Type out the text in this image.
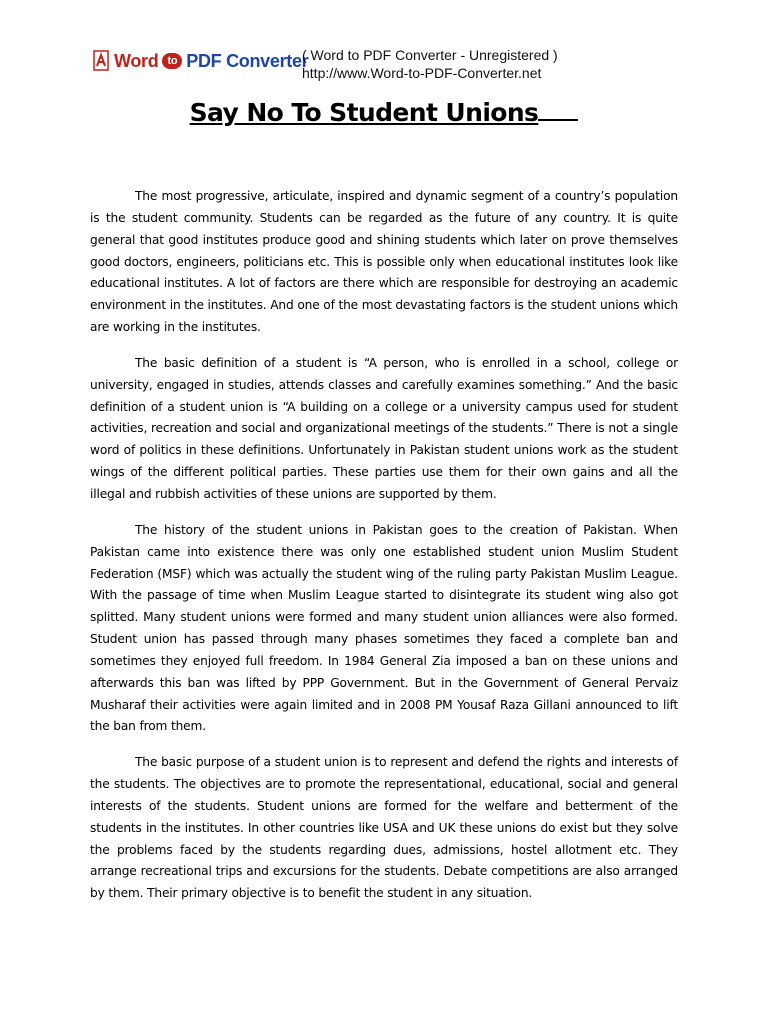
Word to PDF Converter
( Word to PDF Converter - Unregistered )
http://www.Word-to-PDF-Converter.net
Say No To Student Unions

The most progressive, articulate, inspired and dynamic segment of a country’s population is the student community. Students can be regarded as the future of any country. It is quite general that good institutes produce good and shining students which later on prove themselves good doctors, engineers, politicians etc. This is possible only when educational institutes look like educational institutes. A lot of factors are there which are responsible for destroying an academic environment in the institutes. And one of the most devastating factors is the student unions which are working in the institutes.

The basic definition of a student is “A person, who is enrolled in a school, college or university, engaged in studies, attends classes and carefully examines something.” And the basic definition of a student union is “A building on a college or a university campus used for student activities, recreation and social and organizational meetings of the students.” There is not a single word of politics in these definitions. Unfortunately in Pakistan student unions work as the student wings of the different political parties. These parties use them for their own gains and all the illegal and rubbish activities of these unions are supported by them.

The history of the student unions in Pakistan goes to the creation of Pakistan. When Pakistan came into existence there was only one established student union Muslim Student Federation (MSF) which was actually the student wing of the ruling party Pakistan Muslim League. With the passage of time when Muslim League started to disintegrate its student wing also got splitted. Many student unions were formed and many student union alliances were also formed. Student union has passed through many phases sometimes they faced a complete ban and sometimes they enjoyed full freedom. In 1984 General Zia imposed a ban on these unions and afterwards this ban was lifted by PPP Government. But in the Government of General Pervaiz Musharaf their activities were again limited and in 2008 PM Yousaf Raza Gillani announced to lift the ban from them.

The basic purpose of a student union is to represent and defend the rights and interests of the students. The objectives are to promote the representational, educational, social and general interests of the students. Student unions are formed for the welfare and betterment of the students in the institutes. In other countries like USA and UK these unions do exist but they solve the problems faced by the students regarding dues, admissions, hostel allotment etc. They arrange recreational trips and excursions for the students. Debate competitions are also arranged by them. Their primary objective is to benefit the student in any situation.
